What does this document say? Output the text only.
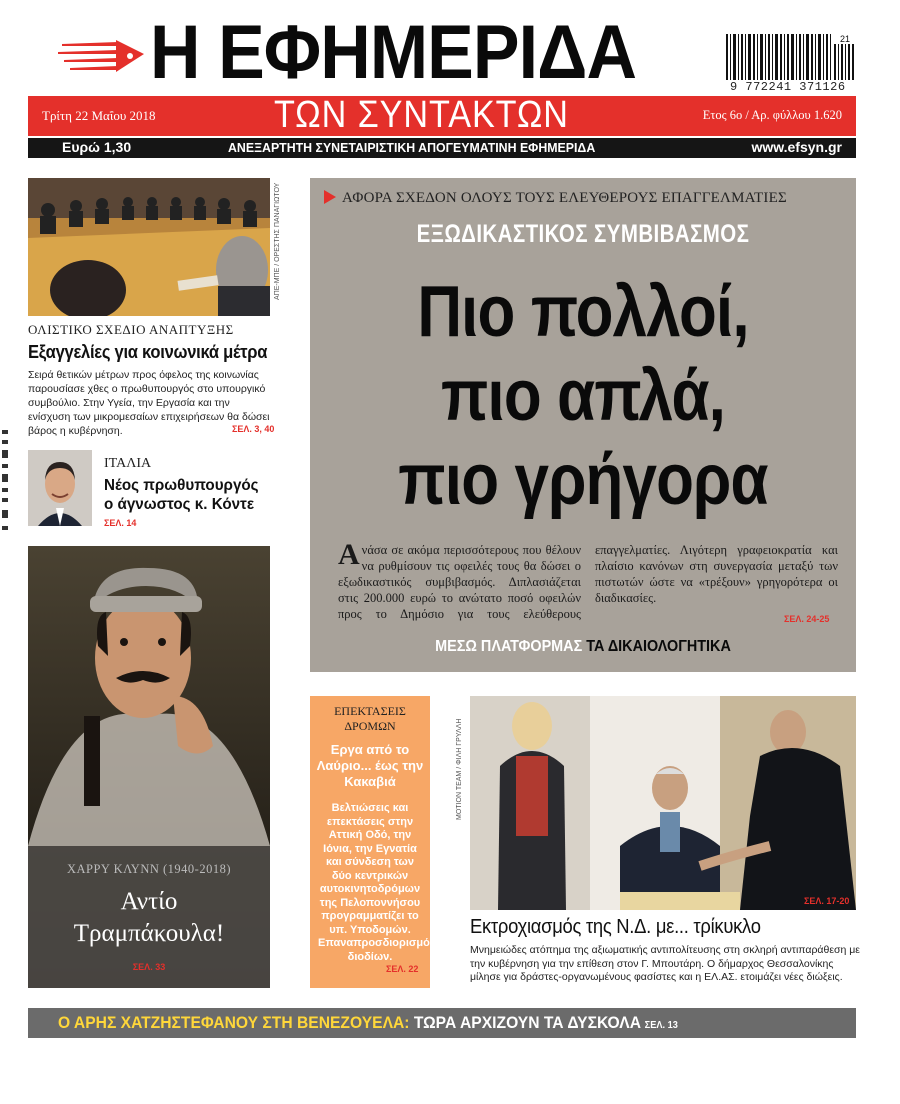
Η ΕΦΗΜΕΡΙΔΑ	21
9 772241 371126
Τρίτη 22 Μαΐου 2018	ΤΩΝ ΣΥΝΤΑΚΤΩΝ	Ετος 6ο / Αρ. φύλλου 1.620
Ευρώ 1,30	ΑΝΕΞΑΡΤΗΤΗ ΣΥΝΕΤΑΙΡΙΣΤΙΚΗ ΑΠΟΓΕΥΜΑΤΙΝΗ ΕΦΗΜΕΡΙΔΑ	www.efsyn.gr
ΑΠΕ-ΜΠΕ / ΟΡΕΣΤΗΣ ΠΑΝΑΓΙΩΤΟΥ
ΟΛΙΣΤΙΚΟ ΣΧΕΔΙΟ ΑΝΑΠΤΥΞΗΣ
Εξαγγελίες για κοινωνικά μέτρα
Σειρά θετικών μέτρων προς όφελος της κοινωνίας παρουσίασε χθες ο πρωθυπουργός στο υπουργικό συμβούλιο. Στην Υγεία, την Εργασία και την ενίσχυση των μικρομεσαίων επιχειρήσεων θα δώσει βάρος η κυβέρνηση.	ΣΕΛ. 3, 40
ΙΤΑΛΙΑ
Νέος πρωθυπουργός ο άγνωστος κ. Κόντε
ΣΕΛ. 14
ΧΑΡΡΥ ΚΛΥΝΝ (1940-2018)
Αντίο
Τραμπάκουλα!
ΣΕΛ. 33
ΑΦΟΡΑ ΣΧΕΔΟΝ ΟΛΟΥΣ ΤΟΥΣ ΕΛΕΥΘΕΡΟΥΣ ΕΠΑΓΓΕΛΜΑΤΙΕΣ
ΕΞΩΔΙΚΑΣΤΙΚΟΣ ΣΥΜΒΙΒΑΣΜΟΣ
Πιο πολλοί,
πιο απλά,
πιο γρήγορα
Ανάσα σε ακόμα περισσότερους που θέλουν να ρυθμίσουν τις οφειλές τους θα δώσει ο εξωδικαστικός συμβιβασμός. Διπλασιάζεται στις 200.000 ευρώ το ανώτατο ποσό οφειλών προς το Δημόσιο για τους ελεύθερους επαγγελματίες. Λιγότερη γραφειοκρατία και πλαίσιο κανόνων στη συνεργασία μεταξύ των πιστωτών ώστε να «τρέξουν» γρηγορότερα οι διαδικασίες.
ΣΕΛ. 24-25
ΜΕΣΩ ΠΛΑΤΦΟΡΜΑΣ ΤΑ ΔΙΚΑΙΟΛΟΓΗΤΙΚΑ
ΕΠΕΚΤΑΣΕΙΣ
ΔΡΟΜΩΝ
Εργα από το Λαύριο... έως την Κακαβιά
Βελτιώσεις και επεκτάσεις στην Αττική Οδό, την Ιόνια, την Εγνατία και σύνδεση των δύο κεντρικών αυτοκινητοδρόμων της Πελοποννήσου προγραμματίζει το υπ. Υποδομών. Επαναπροσδιορισμός διοδίων.
ΣΕΛ. 22
MOTION TEAM / ΦΙΛΗ ΓΡΥΛΛΗ
ΣΕΛ. 17-20
Εκτροχιασμός της Ν.Δ. με... τρίκυκλο
Μνημειώδες ατόπημα της αξιωματικής αντιπολίτευσης στη σκληρή αντιπαράθεση με την κυβέρνηση για την επίθεση στον Γ. Μπουτάρη. Ο δήμαρχος Θεσσαλονίκης μίλησε για δράστες-οργανωμένους φασίστες και η ΕΛ.ΑΣ. ετοιμάζει νέες διώξεις.
Ο ΑΡΗΣ ΧΑΤΖΗΣΤΕΦΑΝΟΥ ΣΤΗ ΒΕΝΕΖΟΥΕΛΑ: ΤΩΡΑ ΑΡΧΙΖΟΥΝ ΤΑ ΔΥΣΚΟΛΑ ΣΕΛ. 13
